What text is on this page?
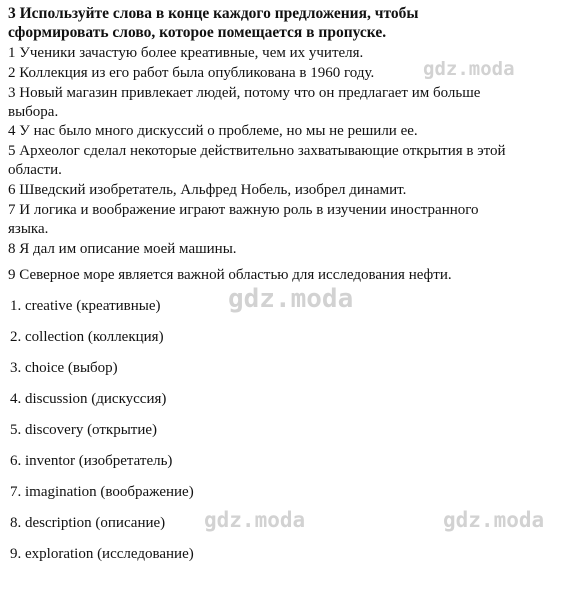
3 Используйте слова в конце каждого предложения, чтобы
сформировать слово, которое помещается в пропуске.
1 Ученики зачастую более креативные, чем их учителя.
2 Коллекция из его работ была опубликована в 1960 году.
3 Новый магазин привлекает людей, потому что он предлагает им больше
выбора.
4 У нас было много дискуссий о проблеме, но мы не решили ее.
5 Археолог сделал некоторые действительно захватывающие открытия в этой
области.
6 Шведский изобретатель, Альфред Нобель, изобрел динамит.
7 И логика и воображение играют важную роль в изучении иностранного
языка.
8 Я дал им описание моей машины.
9 Северное море является важной областью для исследования нефти.
1. creative (креативные)
2. collection (коллекция)
3. choice (выбор)
4. discussion (дискуссия)
5. discovery (открытие)
6. inventor (изобретатель)
7. imagination (воображение)
8. description (описание)
9. exploration (исследование)
gdz.moda
gdz.moda
gdz.moda	gdz.moda
